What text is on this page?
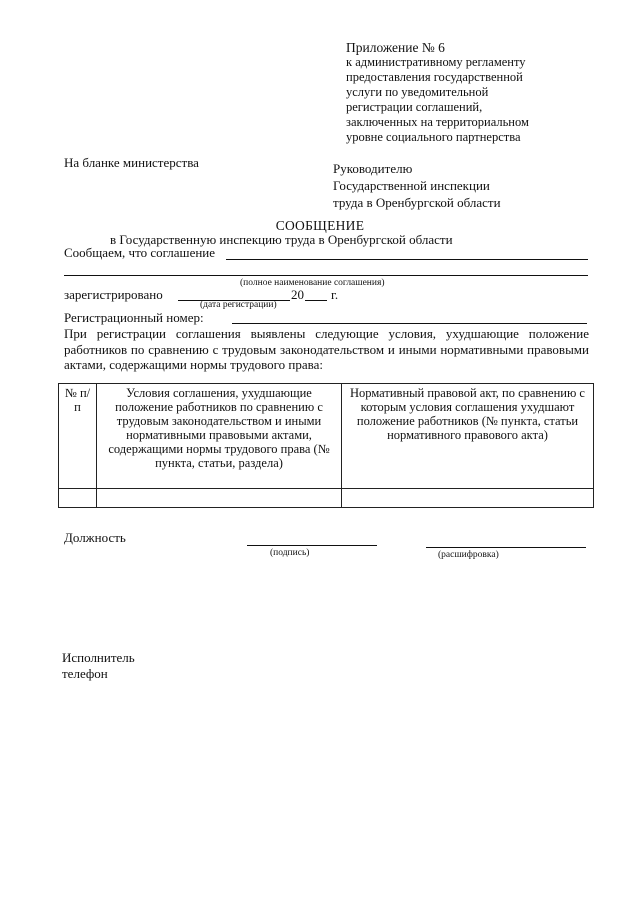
Приложение № 6
к административному регламенту
предоставления государственной
услуги по уведомительной
регистрации соглашений,
заключенных на территориальном
уровне социального партнерства
На бланке министерства	Руководителю
Государственной инспекции
труда в Оренбургской области
СООБЩЕНИЕ
в Государственную инспекцию труда в Оренбургской области
Сообщаем, что соглашение
(полное наименование соглашения)
зарегистрировано	20 г.
(дата регистрации)
Регистрационный номер:
При регистрации соглашения выявлены следующие условия, ухудшающие положение работников по сравнению с трудовым законодательством и иными нормативными правовыми актами, содержащими нормы трудового права:
№ п/п	Условия соглашения, ухудшающие положение работников по сравнению с трудовым законодательством и иными нормативными правовыми актами, содержащими нормы трудового права (№ пункта, статьи, раздела)	Нормативный правовой акт, по сравнению с которым условия соглашения ухудшают положение работников (№ пункта, статьи нормативного правового акта)

Должность
(подпись)	(расшифровка)
Исполнитель
телефон
